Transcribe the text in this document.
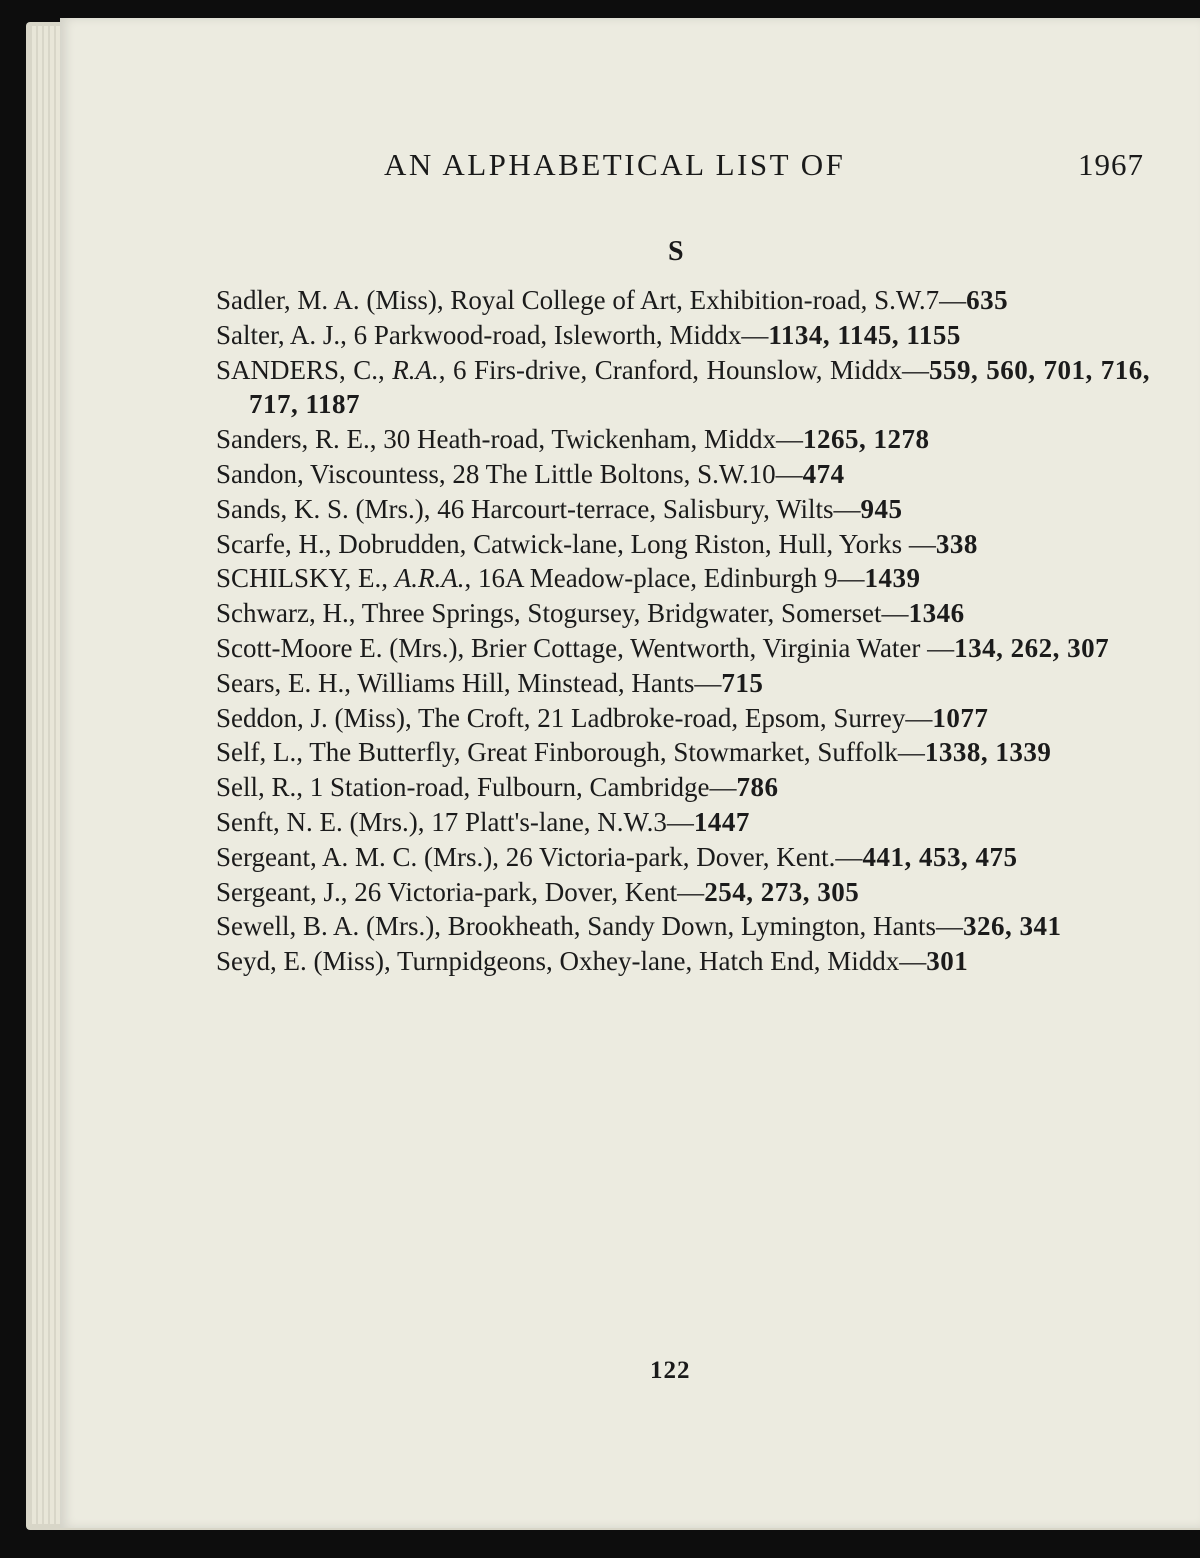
AN ALPHABETICAL LIST OF	1967
S
Sadler, M. A. (Miss), Royal College of Art, Exhibition-road, S.W.7—635
Salter, A. J., 6 Parkwood-road, Isleworth, Middx—1134, 1145, 1155
SANDERS, C., R.A., 6 Firs-drive, Cranford, Hounslow, Middx—559, 560, 701, 716, 717, 1187
Sanders, R. E., 30 Heath-road, Twickenham, Middx—1265, 1278
Sandon, Viscountess, 28 The Little Boltons, S.W.10—474
Sands, K. S. (Mrs.), 46 Harcourt-terrace, Salisbury, Wilts—945
Scarfe, H., Dobrudden, Catwick-lane, Long Riston, Hull, Yorks —338
SCHILSKY, E., A.R.A., 16A Meadow-place, Edinburgh 9—1439
Schwarz, H., Three Springs, Stogursey, Bridgwater, Somerset—1346
Scott-Moore E. (Mrs.), Brier Cottage, Wentworth, Virginia Water —134, 262, 307
Sears, E. H., Williams Hill, Minstead, Hants—715
Seddon, J. (Miss), The Croft, 21 Ladbroke-road, Epsom, Surrey—1077
Self, L., The Butterfly, Great Finborough, Stowmarket, Suffolk—1338, 1339
Sell, R., 1 Station-road, Fulbourn, Cambridge—786
Senft, N. E. (Mrs.), 17 Platt's-lane, N.W.3—1447
Sergeant, A. M. C. (Mrs.), 26 Victoria-park, Dover, Kent.—441, 453, 475
Sergeant, J., 26 Victoria-park, Dover, Kent—254, 273, 305
Sewell, B. A. (Mrs.), Brookheath, Sandy Down, Lymington, Hants—326, 341
Seyd, E. (Miss), Turnpidgeons, Oxhey-lane, Hatch End, Middx—301
122
